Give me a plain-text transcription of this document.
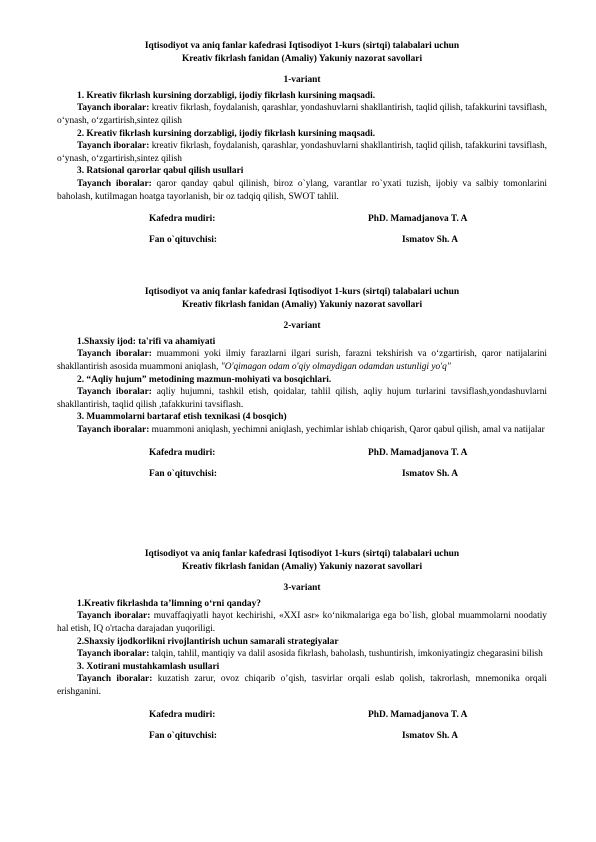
Iqtisodiyot va aniq fanlar kafedrasi Iqtisodiyot 1-kurs (sirtqi) talabalari uchun
Kreativ fikrlash fanidan (Amaliy) Yakuniy nazorat savollari
1-variant
1. Kreativ fikrlash kursining dorzabligi, ijodiy fikrlash kursining maqsadi.
Tayanch iboralar: kreativ fikrlash, foydalanish, qarashlar, yondashuvlarni shakllantirish, taqlid qilish, tafakkurini tavsiflash, oʻynash, oʻzgartirish,sintez qilish
2. Kreativ fikrlash kursining dorzabligi, ijodiy fikrlash kursining maqsadi.
Tayanch iboralar: kreativ fikrlash, foydalanish, qarashlar, yondashuvlarni shakllantirish, taqlid qilish, tafakkurini tavsiflash, oʻynash, oʻzgartirish,sintez qilish
3. Ratsional qarorlar qabul qilish usullari
Tayanch iboralar: qaror qanday qabul qilinish, biroz o`ylang, varantlar ro`yxati tuzish, ijobiy va salbiy tomonlarini baholash, kutilmagan hoatga tayorlanish, bir oz tadqiq qilish, SWOT tahlil.
Kafedra mudiri:	PhD. Mamadjanova T. A
Fan o`qituvchisi:	Ismatov Sh. A
Iqtisodiyot va aniq fanlar kafedrasi Iqtisodiyot 1-kurs (sirtqi) talabalari uchun
Kreativ fikrlash fanidan (Amaliy) Yakuniy nazorat savollari
2-variant
1.Shaxsiy ijod: ta'rifi va ahamiyati
Tayanch iboralar: muammoni yoki ilmiy farazlarni ilgari surish, farazni tekshirish va o‘zgartirish, qaror natijalarini shakllantirish asosida muammoni aniqlash, "O'qimagan odam o'qiy olmaydigan odamdan ustunligi yo'q"
2. “Aqliy hujum” metodining mazmun-mohiyati va bosqichlari.
Tayanch iboralar: aqliy hujumni, tashkil etish, qoidalar, tahlil qilish, aqliy hujum turlarini tavsiflash,yondashuvlarni shakllantirish, taqlid qilish ,tafakkurini tavsiflash.
3. Muammolarni bartaraf etish texnikasi (4 bosqich)
Tayanch iboralar: muammoni aniqlash, yechimni aniqlash, yechimlar ishlab chiqarish, Qaror qabul qilish, amal va natijalar
Kafedra mudiri:	PhD. Mamadjanova T. A
Fan o`qituvchisi:	Ismatov Sh. A
Iqtisodiyot va aniq fanlar kafedrasi Iqtisodiyot 1-kurs (sirtqi) talabalari uchun
Kreativ fikrlash fanidan (Amaliy) Yakuniy nazorat savollari
3-variant
1.Kreativ fikrlashda ta’limning oʻrni qanday?
Tayanch iboralar: muvaffaqiyatli hayot kechirishi, «XXI asr» koʻnikmalariga ega bo`lish, global muammolarni noodatiy hal etish, IQ o'rtacha darajadan yuqoriligi.
2.Shaxsiy ijodkorlikni rivojlantirish uchun samarali strategiyalar
Tayanch iboralar: talqin, tahlil, mantiqiy va dalil asosida fikrlash, baholash, tushuntirish, imkoniyatingiz chegarasini bilish
3. Xotirani mustahkamlash usullari
Tayanch iboralar: kuzatish zarur, ovoz chiqarib o’qish, tasvirlar orqali eslab qolish, takrorlash, mnemonika orqali erishganini.
Kafedra mudiri:	PhD. Mamadjanova T. A
Fan o`qituvchisi:	Ismatov Sh. A
